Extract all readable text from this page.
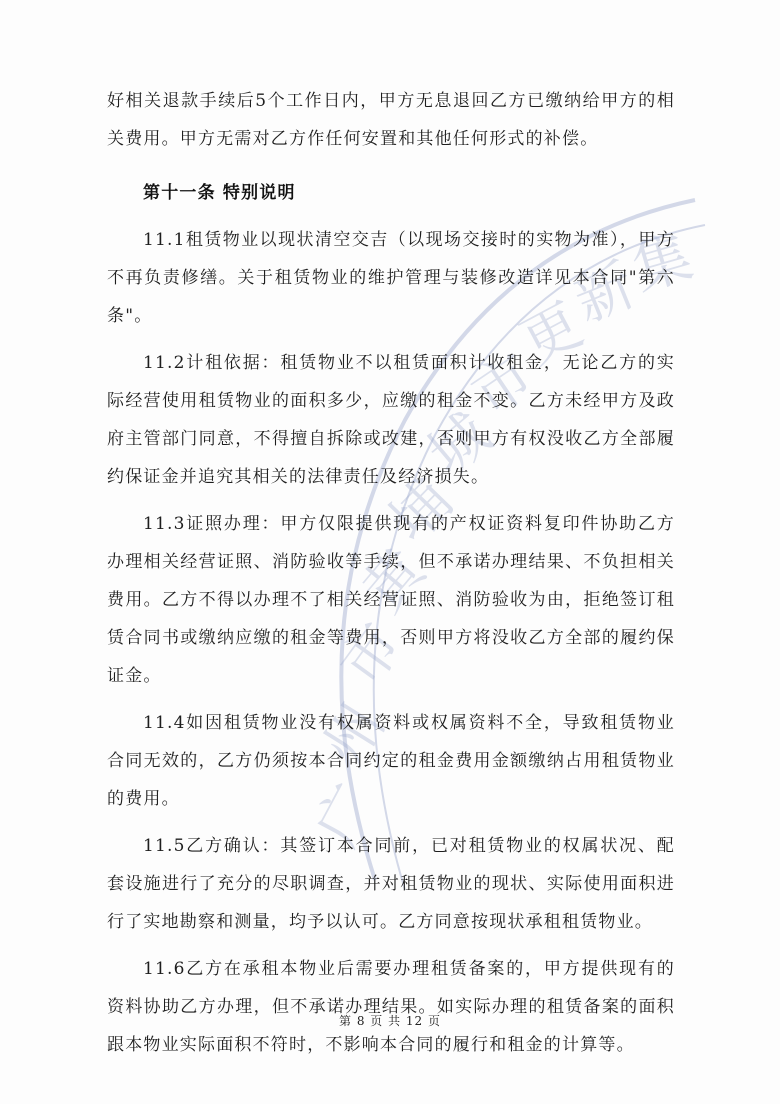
广
州
市
黄
埔
城
市
更
新
集

好相关退款手续后5个工作日内，甲方无息退回乙方已缴纳给甲方的相关费用。甲方无需对乙方作任何安置和其他任何形式的补偿。

第十一条 特别说明

11.1租赁物业以现状清空交吉（以现场交接时的实物为准），甲方不再负责修缮。关于租赁物业的维护管理与装修改造详见本合同"第六条"。

11.2计租依据：租赁物业不以租赁面积计收租金，无论乙方的实际经营使用租赁物业的面积多少，应缴的租金不变。乙方未经甲方及政府主管部门同意，不得擅自拆除或改建，否则甲方有权没收乙方全部履约保证金并追究其相关的法律责任及经济损失。

11.3证照办理：甲方仅限提供现有的产权证资料复印件协助乙方办理相关经营证照、消防验收等手续，但不承诺办理结果、不负担相关费用。乙方不得以办理不了相关经营证照、消防验收为由，拒绝签订租赁合同书或缴纳应缴的租金等费用，否则甲方将没收乙方全部的履约保证金。

11.4如因租赁物业没有权属资料或权属资料不全，导致租赁物业合同无效的，乙方仍须按本合同约定的租金费用金额缴纳占用租赁物业的费用。

11.5乙方确认：其签订本合同前，已对租赁物业的权属状况、配套设施进行了充分的尽职调查，并对租赁物业的现状、实际使用面积进行了实地勘察和测量，均予以认可。乙方同意按现状承租租赁物业。

11.6乙方在承租本物业后需要办理租赁备案的，甲方提供现有的资料协助乙方办理，但不承诺办理结果。如实际办理的租赁备案的面积跟本物业实际面积不符时，不影响本合同的履行和租金的计算等。

第 8 页 共 12 页
